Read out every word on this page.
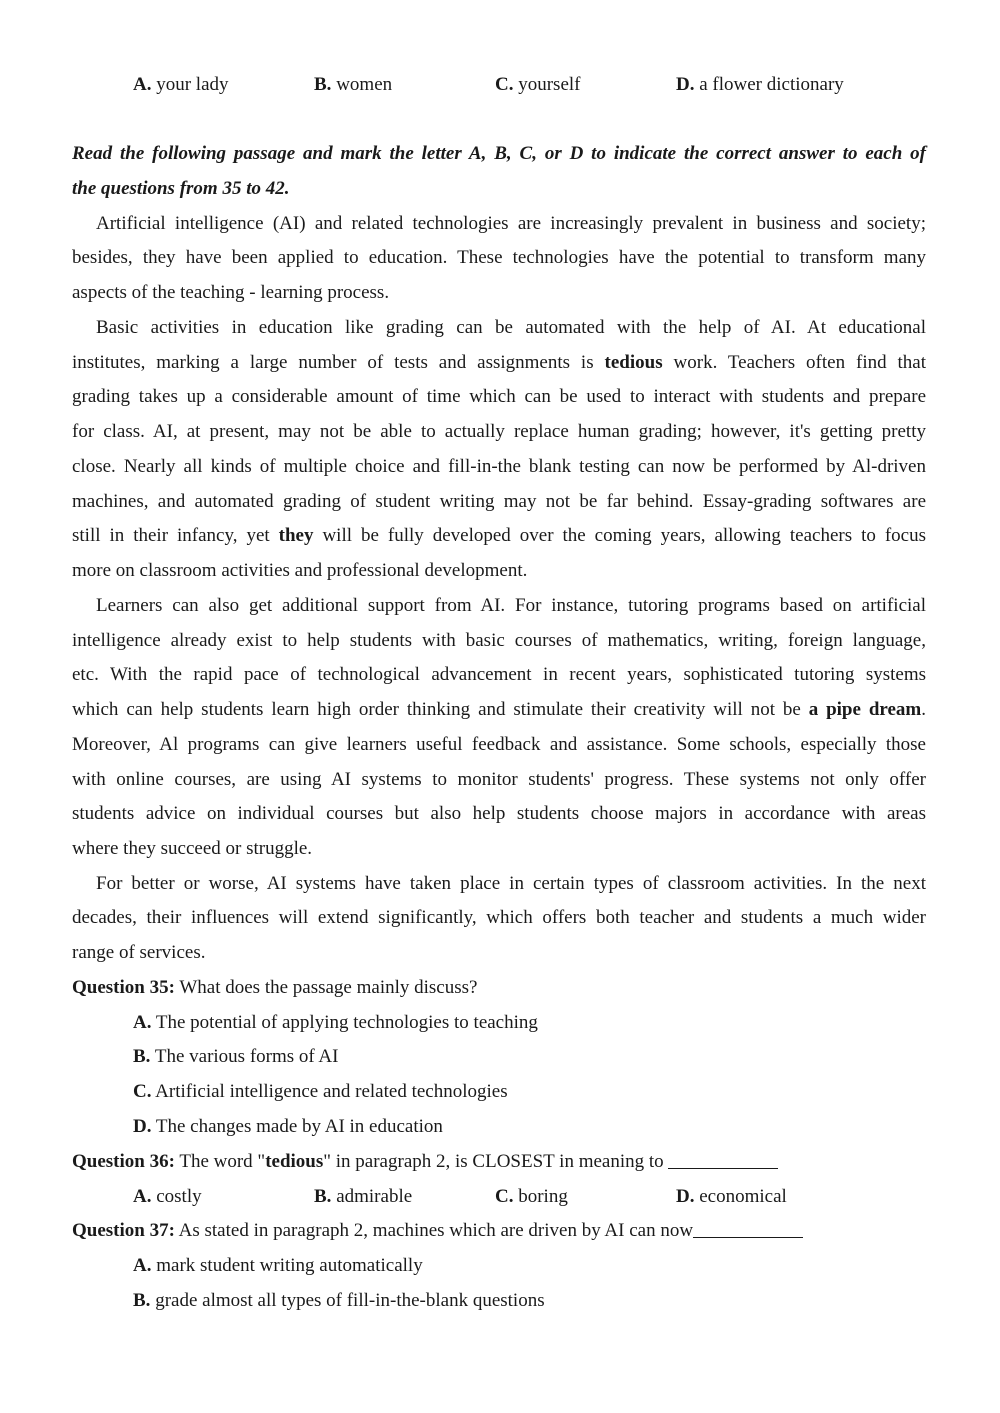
A. your lady	B. women	C. yourself	D. a flower dictionary
Read the following passage and mark the letter A, B, C, or D to indicate the correct answer to each of
the questions from 35 to 42.
Artificial intelligence (AI) and related technologies are increasingly prevalent in business and society;
besides, they have been applied to education. These technologies have the potential to transform many
aspects of the teaching - learning process.
Basic activities in education like grading can be automated with the help of AI. At educational
institutes, marking a large number of tests and assignments is tedious work. Teachers often find that
grading takes up a considerable amount of time which can be used to interact with students and prepare
for class. AI, at present, may not be able to actually replace human grading; however, it's getting pretty
close. Nearly all kinds of multiple choice and fill-in-the blank testing can now be performed by Al-driven
machines, and automated grading of student writing may not be far behind. Essay-grading softwares are
still in their infancy, yet they will be fully developed over the coming years, allowing teachers to focus
more on classroom activities and professional development.
Learners can also get additional support from AI. For instance, tutoring programs based on artificial
intelligence already exist to help students with basic courses of mathematics, writing, foreign language,
etc. With the rapid pace of technological advancement in recent years, sophisticated tutoring systems
which can help students learn high order thinking and stimulate their creativity will not be a pipe dream.
Moreover, Al programs can give learners useful feedback and assistance. Some schools, especially those
with online courses, are using AI systems to monitor students' progress. These systems not only offer
students advice on individual courses but also help students choose majors in accordance with areas
where they succeed or struggle.
For better or worse, AI systems have taken place in certain types of classroom activities. In the next
decades, their influences will extend significantly, which offers both teacher and students a much wider
range of services.
Question 35: What does the passage mainly discuss?
A. The potential of applying technologies to teaching
B. The various forms of AI
C. Artificial intelligence and related technologies
D. The changes made by AI in education
Question 36: The word "tedious" in paragraph 2, is CLOSEST in meaning to
A. costly	B. admirable	C. boring	D. economical
Question 37: As stated in paragraph 2, machines which are driven by AI can now
A. mark student writing automatically
B. grade almost all types of fill-in-the-blank questions
